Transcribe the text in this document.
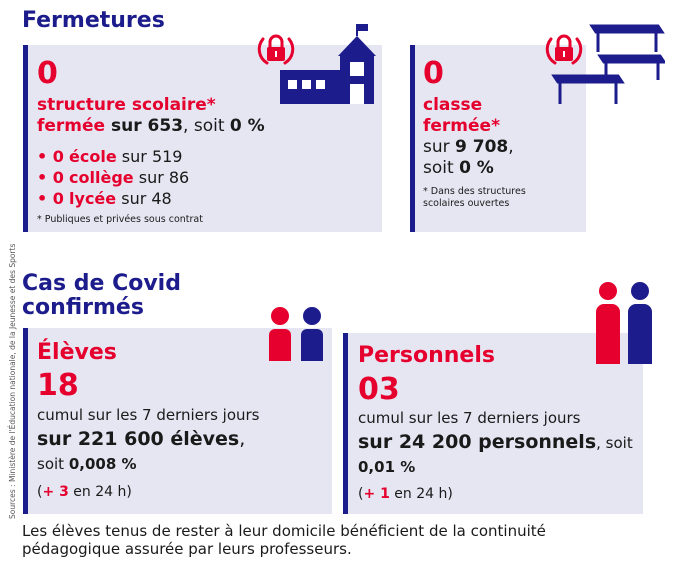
Fermetures
0
structure scolaire*
fermée sur 653, soit 0 %
• 0 école sur 519
• 0 collège sur 86
• 0 lycée sur 48
* Publiques et privées sous contrat
0
classe
fermée*
sur 9 708,
soit 0 %
* Dans des structures
scolaires ouvertes
Cas de Covid
confirmés
Sources : Ministère de l'Éducation nationale, de la Jeunesse et des Sports Élèves
18
cumul sur les 7 derniers jours
sur 221 600 élèves,
soit 0,008 %
(+ 3 en 24 h)
Personnels
03
cumul sur les 7 derniers jours
sur 24 200 personnels, soit
0,01 %
(+ 1 en 24 h)
Les élèves tenus de rester à leur domicile bénéficient de la continuité
pédagogique assurée par leurs professeurs.
